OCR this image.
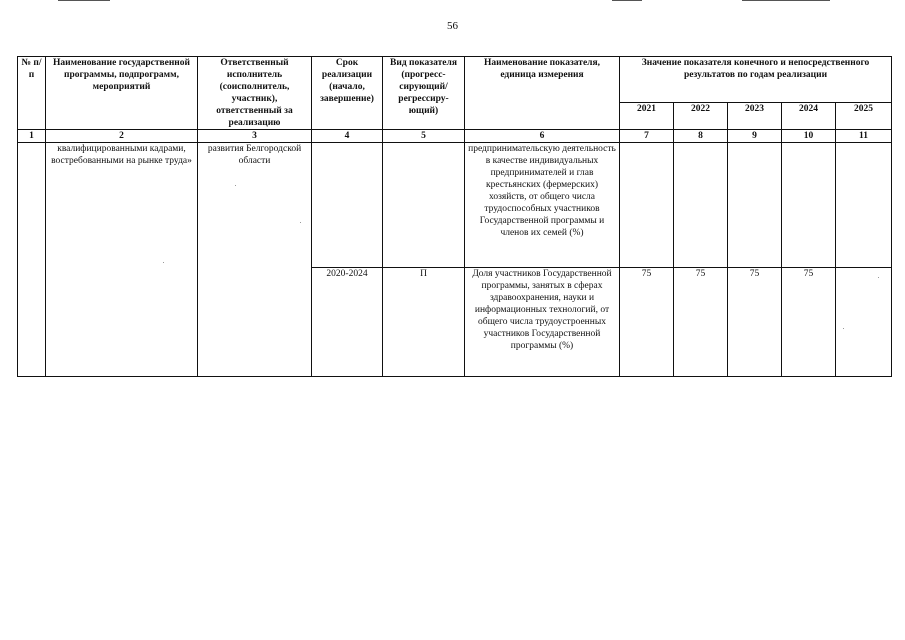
56
№ п/п	Наименование государственной программы, подпрограмм, мероприятий	Ответственный исполнитель (соисполнитель, участник), ответственный за реализацию	Срок реализации (начало, завершение)	Вид показателя (прогресс-сирующий/ регрессиру-ющий)	Наименование показателя, единица измерения	Значение показателя конечного и непосредственного результатов по годам реализации				
						2021	2022	2023	2024	2025
1	2	3	4	5	6	7	8	9	10	11
	квалифицированными кадрами, востребованными на рынке труда»	развития Белгородской области			предпринимательскую деятельность в качестве индивидуальных предпринимателей и глав крестьянских (фермерских) хозяйств, от общего числа трудоспособных участников Государственной программы и членов их семей (%)					
			2020-2024	П	Доля участников Государственной программы, занятых в сферах здравоохранения, науки и информационных технологий, от общего числа трудоустроенных участников Государственной программы (%)	75	75	75	75	
